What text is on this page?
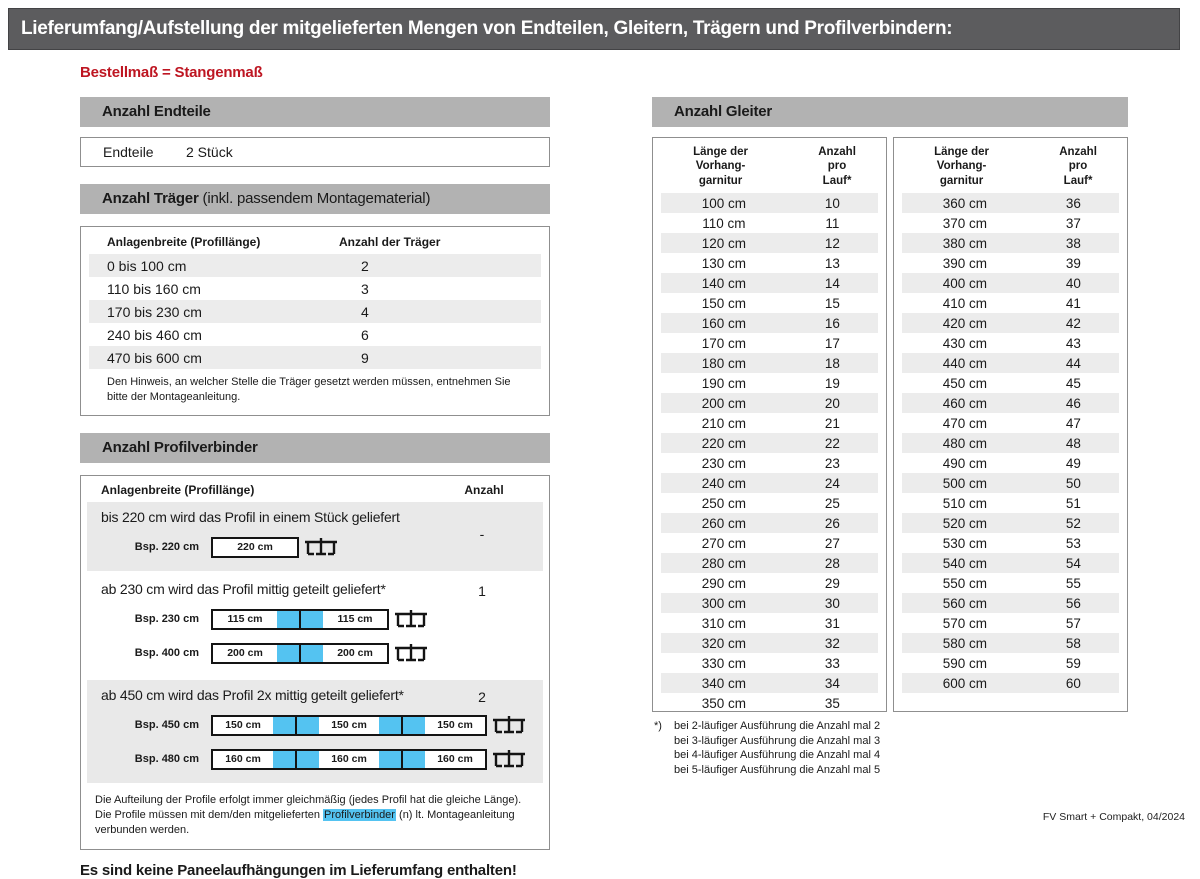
Lieferumfang/Aufstellung der mitgelieferten Mengen von Endteilen, Gleitern, Trägern und Profilverbindern:
Bestellmaß = Stangenmaß
Anzahl Endteile
Endteile	2 Stück
Anzahl Träger (inkl. passendem Montagematerial)
Anlagenbreite (Profillänge)	Anzahl der Träger
0 bis 100 cm	2
110 bis 160 cm	3
170 bis 230 cm	4
240 bis 460 cm	6
470 bis 600 cm	9
Den Hinweis, an welcher Stelle die Träger gesetzt werden müssen, entnehmen Sie bitte der Montageanleitung.
Anzahl Profilverbinder
Anlagenbreite (Profillänge)	Anzahl
bis 220 cm wird das Profil in einem Stück geliefert
-
Bsp. 220 cm	220 cm
ab 230 cm wird das Profil mittig geteilt geliefert*	1
Bsp. 230 cm	115 cm	115 cm
Bsp. 400 cm	200 cm	200 cm
ab 450 cm wird das Profil 2x mittig geteilt geliefert*	2
Bsp. 450 cm	150 cm	150 cm	150 cm
Bsp. 480 cm	160 cm	160 cm	160 cm
Die Aufteilung der Profile erfolgt immer gleichmäßig (jedes Profil hat die gleiche Länge). Die Profile müssen mit dem/den mitgelieferten Profilverbinder (n) lt. Montageanleitung verbunden werden.
Es sind keine Paneelaufhängungen im Lieferumfang enthalten!
Anzahl Gleiter
Länge der
Vorhang-
garnitur
Anzahl
pro
Lauf*
100 cm	10
110 cm	11
120 cm	12
130 cm	13
140 cm	14
150 cm	15
160 cm	16
170 cm	17
180 cm	18
190 cm	19
200 cm	20
210 cm	21
220 cm	22
230 cm	23
240 cm	24
250 cm	25
260 cm	26
270 cm	27
280 cm	28
290 cm	29
300 cm	30
310 cm	31
320 cm	32
330 cm	33
340 cm	34
350 cm	35
Länge der
Vorhang-
garnitur
Anzahl
pro
Lauf*
360 cm	36
370 cm	37
380 cm	38
390 cm	39
400 cm	40
410 cm	41
420 cm	42
430 cm	43
440 cm	44
450 cm	45
460 cm	46
470 cm	47
480 cm	48
490 cm	49
500 cm	50
510 cm	51
520 cm	52
530 cm	53
540 cm	54
550 cm	55
560 cm	56
570 cm	57
580 cm	58
590 cm	59
600 cm	60
*)	bei 2-läufiger Ausführung die Anzahl mal 2
bei 3-läufiger Ausführung die Anzahl mal 3
bei 4-läufiger Ausführung die Anzahl mal 4
bei 5-läufiger Ausführung die Anzahl mal 5
FV Smart + Compakt, 04/2024
